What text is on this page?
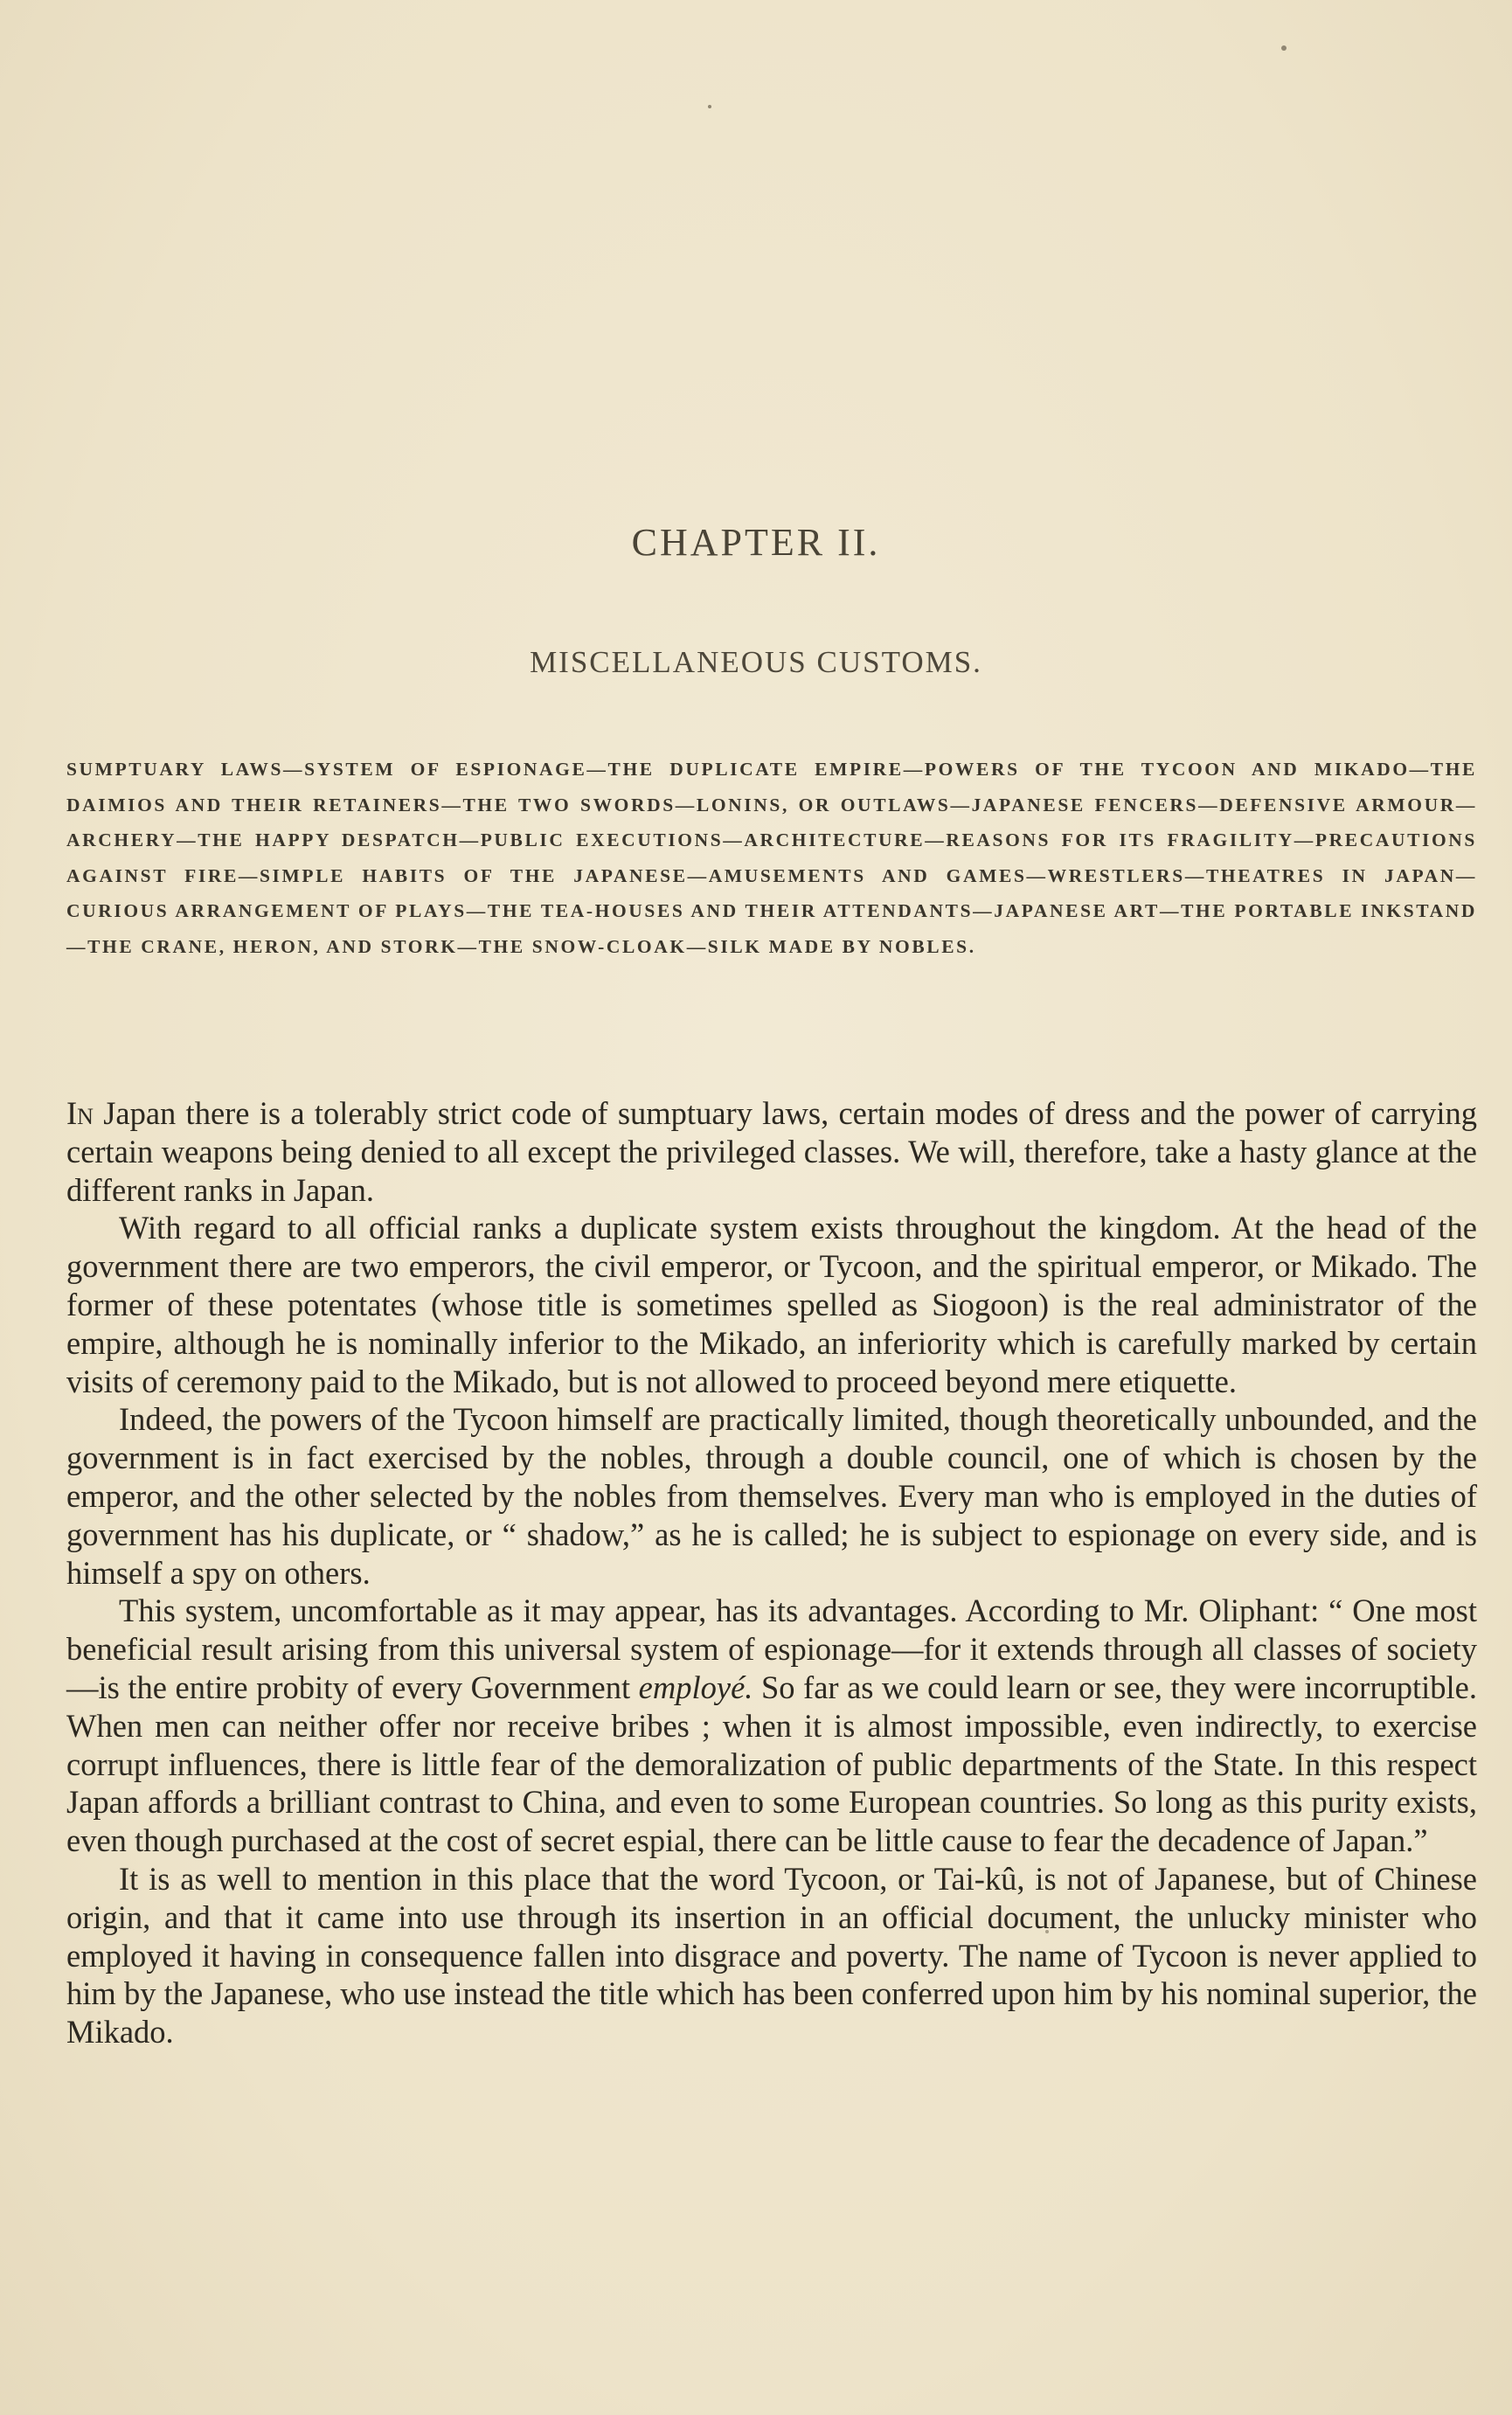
CHAPTER II.
MISCELLANEOUS CUSTOMS.
SUMPTUARY LAWS—SYSTEM OF ESPIONAGE—THE DUPLICATE EMPIRE—POWERS OF THE TYCOON AND MIKADO—THE DAIMIOS AND THEIR RETAINERS—THE TWO SWORDS—LONINS, OR OUTLAWS—JAPANESE FENCERS—DEFENSIVE ARMOUR—ARCHERY—THE HAPPY DESPATCH—PUBLIC EXECUTIONS—ARCHITECTURE—REASONS FOR ITS FRAGILITY—PRECAUTIONS AGAINST FIRE—SIMPLE HABITS OF THE JAPANESE—AMUSEMENTS AND GAMES—WRESTLERS—THEATRES IN JAPAN—CURIOUS ARRANGEMENT OF PLAYS—THE TEA-HOUSES AND THEIR ATTENDANTS—JAPANESE ART—THE PORTABLE INKSTAND—THE CRANE, HERON, AND STORK—THE SNOW-CLOAK—SILK MADE BY NOBLES.

In Japan there is a tolerably strict code of sumptuary laws, certain modes of dress and the power of carrying certain weapons being denied to all except the privileged classes. We will, therefore, take a hasty glance at the different ranks in Japan.

With regard to all official ranks a duplicate system exists throughout the kingdom. At the head of the government there are two emperors, the civil emperor, or Tycoon, and the spiritual emperor, or Mikado. The former of these potentates (whose title is sometimes spelled as Siogoon) is the real administrator of the empire, although he is nominally inferior to the Mikado, an inferiority which is carefully marked by certain visits of ceremony paid to the Mikado, but is not allowed to proceed beyond mere etiquette.

Indeed, the powers of the Tycoon himself are practically limited, though theoretically unbounded, and the government is in fact exercised by the nobles, through a double council, one of which is chosen by the emperor, and the other selected by the nobles from themselves. Every man who is employed in the duties of government has his duplicate, or “ shadow,” as he is called; he is subject to espionage on every side, and is himself a spy on others.

This system, uncomfortable as it may appear, has its advantages. According to Mr. Oliphant: “ One most beneficial result arising from this universal system of espionage—for it extends through all classes of society—is the entire probity of every Government employé. So far as we could learn or see, they were incorruptible. When men can neither offer nor receive bribes ; when it is almost impossible, even indirectly, to exercise corrupt influences, there is little fear of the demoralization of public departments of the State. In this respect Japan affords a brilliant contrast to China, and even to some European countries. So long as this purity exists, even though purchased at the cost of secret espial, there can be little cause to fear the decadence of Japan.”

It is as well to mention in this place that the word Tycoon, or Tai-kû, is not of Japanese, but of Chinese origin, and that it came into use through its insertion in an official document, the unlucky minister who employed it having in consequence fallen into disgrace and poverty. The name of Tycoon is never applied to him by the Japanese, who use instead the title which has been conferred upon him by his nominal superior, the Mikado.
